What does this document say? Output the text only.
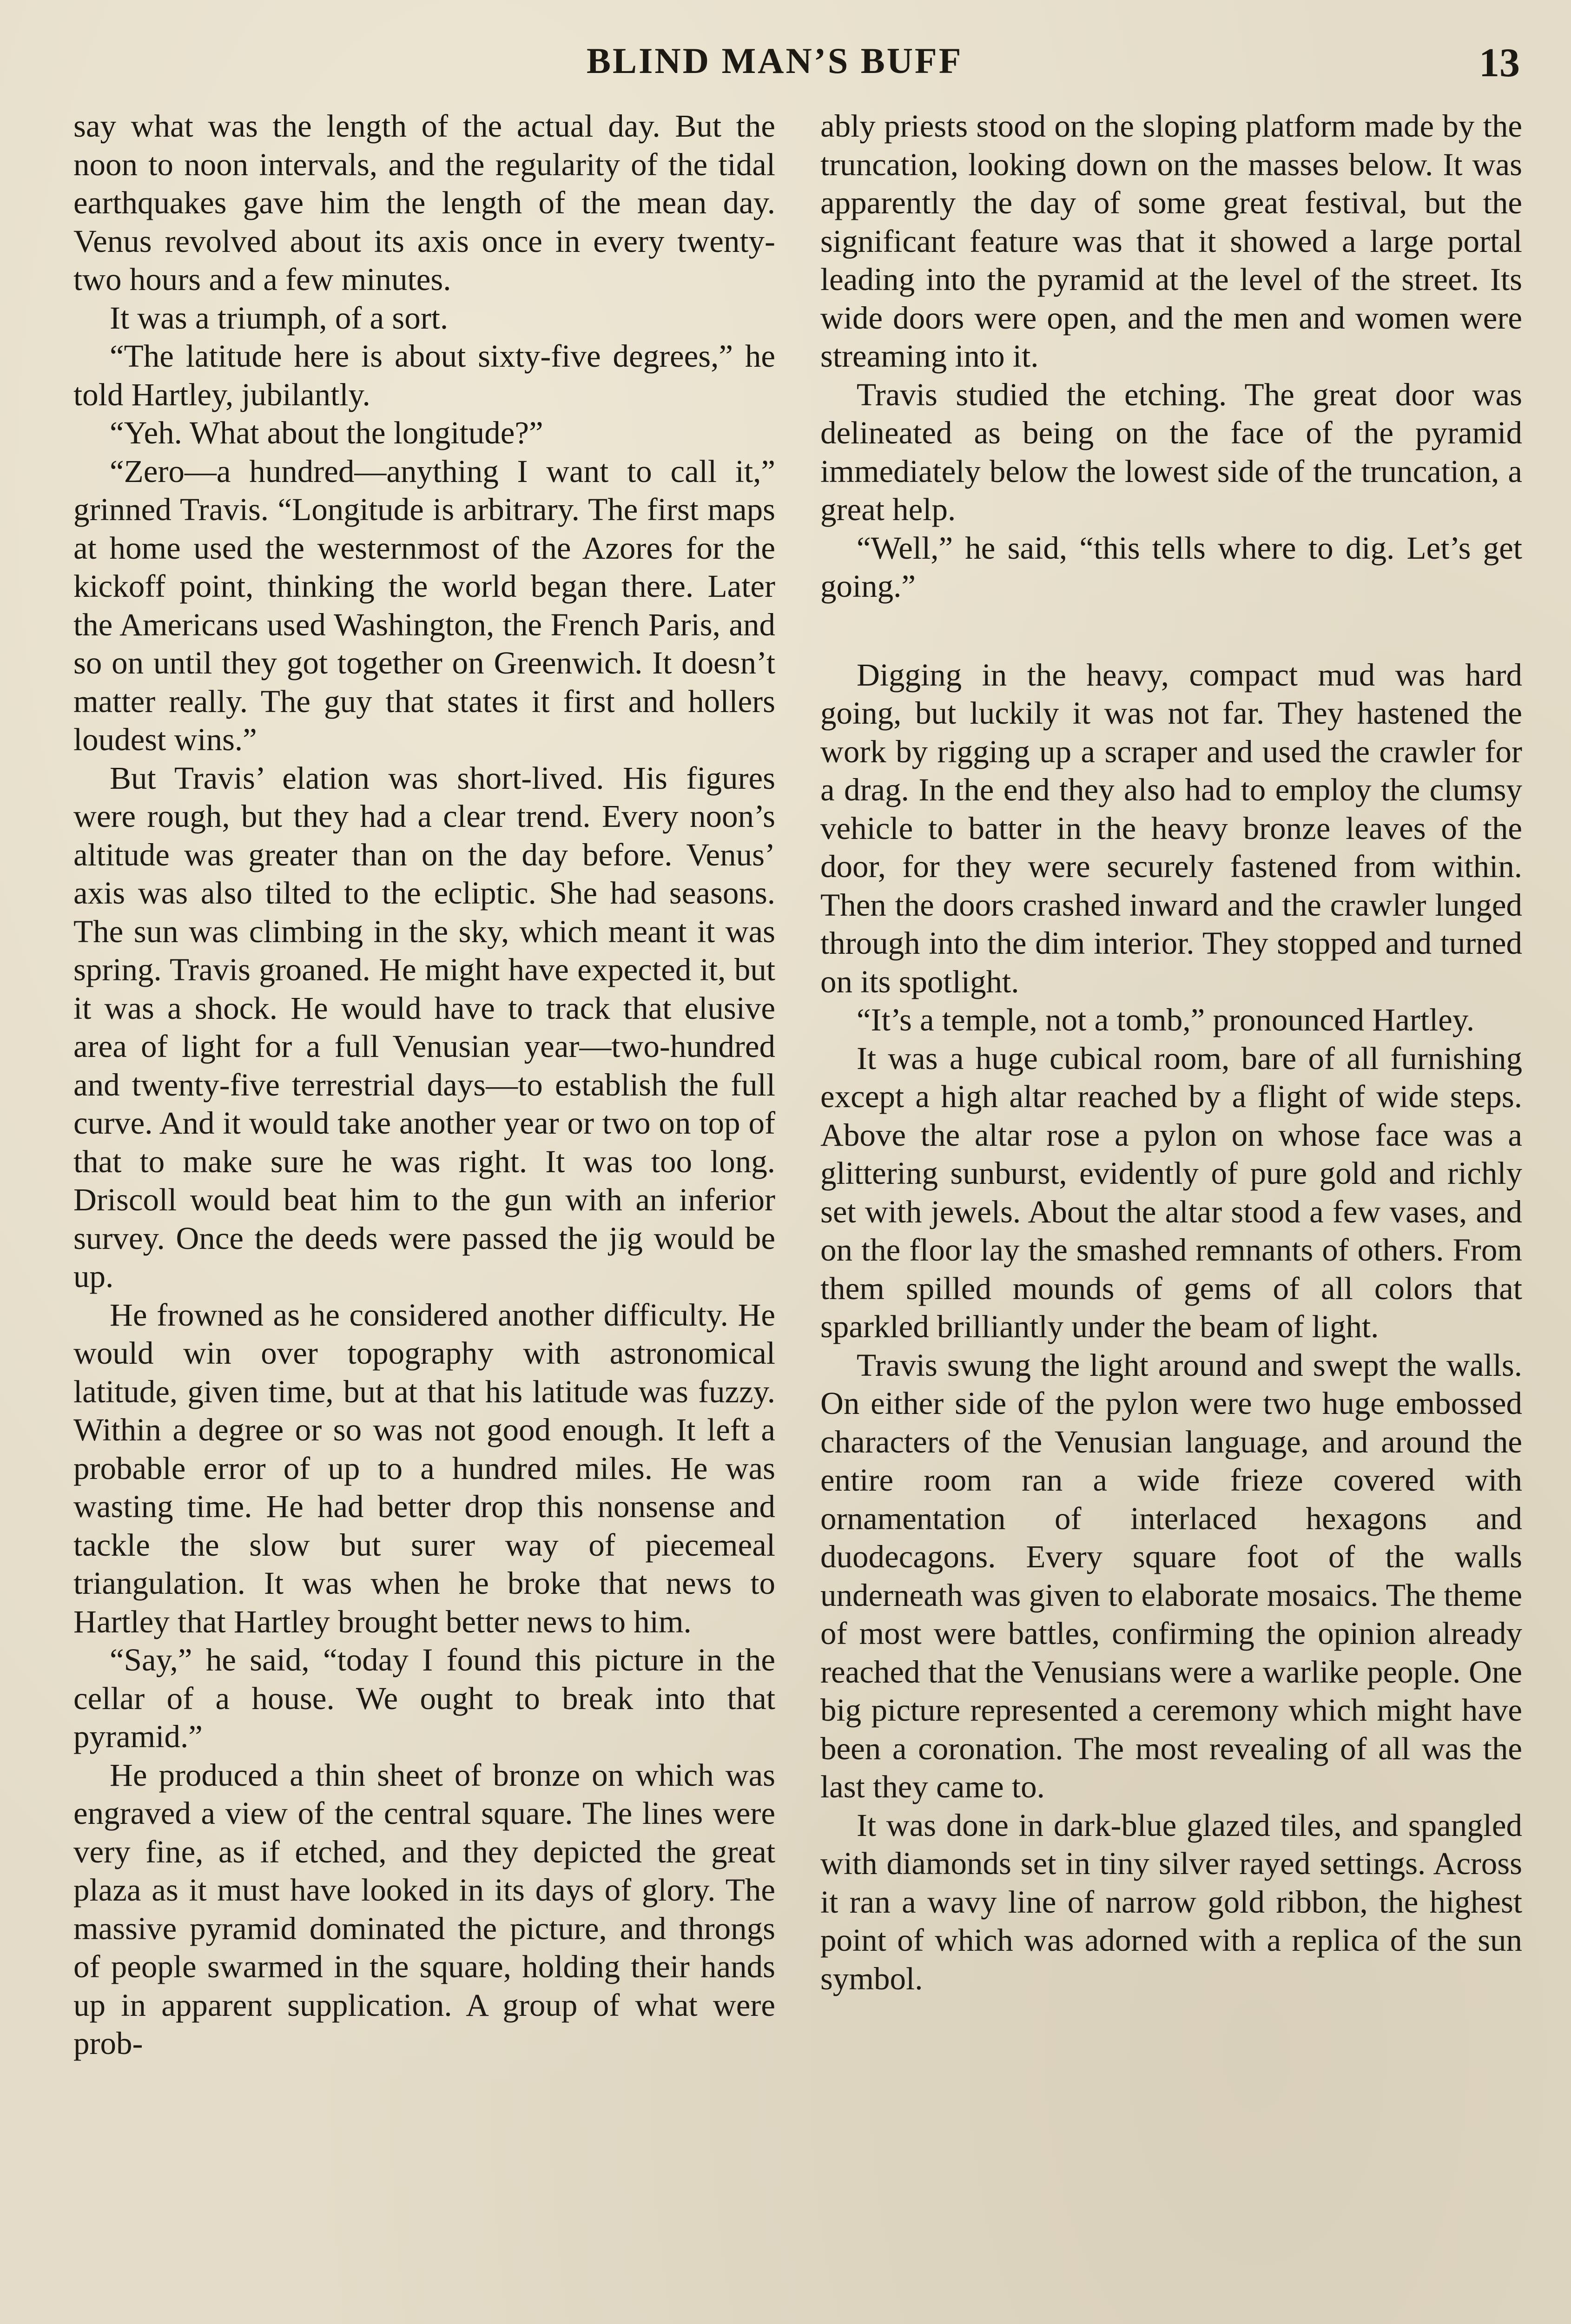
BLIND MAN’S BUFF	13

say what was the length of the actual day. But the noon to noon intervals, and the regularity of the tidal earthquakes gave him the length of the mean day. Venus revolved about its axis once in every twenty-two hours and a few minutes.

It was a triumph, of a sort.

“The latitude here is about sixty-five degrees,” he told Hartley, jubilantly.

“Yeh. What about the longitude?”

“Zero—a hundred—anything I want to call it,” grinned Travis. “Longitude is arbitrary. The first maps at home used the westernmost of the Azores for the kickoff point, thinking the world began there. Later the Americans used Washington, the French Paris, and so on until they got together on Greenwich. It doesn’t matter really. The guy that states it first and hollers loudest wins.”

But Travis’ elation was short-lived. His figures were rough, but they had a clear trend. Every noon’s altitude was greater than on the day before. Venus’ axis was also tilted to the ecliptic. She had seasons. The sun was climbing in the sky, which meant it was spring. Travis groaned. He might have expected it, but it was a shock. He would have to track that elusive area of light for a full Venusian year—two-hundred and twenty-five terrestrial days—to establish the full curve. And it would take another year or two on top of that to make sure he was right. It was too long. Driscoll would beat him to the gun with an inferior survey. Once the deeds were passed the jig would be up.

He frowned as he considered another difficulty. He would win over topography with astronomical latitude, given time, but at that his latitude was fuzzy. Within a degree or so was not good enough. It left a probable error of up to a hundred miles. He was wasting time. He had better drop this nonsense and tackle the slow but surer way of piecemeal triangulation. It was when he broke that news to Hartley that Hartley brought better news to him.

“Say,” he said, “today I found this picture in the cellar of a house. We ought to break into that pyramid.”

He produced a thin sheet of bronze on which was engraved a view of the central square. The lines were very fine, as if etched, and they depicted the great plaza as it must have looked in its days of glory. The massive pyramid dominated the picture, and throngs of people swarmed in the square, holding their hands up in apparent supplication. A group of what were prob-

ably priests stood on the sloping platform made by the truncation, looking down on the masses below. It was apparently the day of some great festival, but the significant feature was that it showed a large portal leading into the pyramid at the level of the street. Its wide doors were open, and the men and women were streaming into it.

Travis studied the etching. The great door was delineated as being on the face of the pyramid immediately below the lowest side of the truncation, a great help.

“Well,” he said, “this tells where to dig. Let’s get going.”

Digging in the heavy, compact mud was hard going, but luckily it was not far. They hastened the work by rigging up a scraper and used the crawler for a drag. In the end they also had to employ the clumsy vehicle to batter in the heavy bronze leaves of the door, for they were securely fastened from within. Then the doors crashed inward and the crawler lunged through into the dim interior. They stopped and turned on its spotlight.

“It’s a temple, not a tomb,” pronounced Hartley.

It was a huge cubical room, bare of all furnishing except a high altar reached by a flight of wide steps. Above the altar rose a pylon on whose face was a glittering sunburst, evidently of pure gold and richly set with jewels. About the altar stood a few vases, and on the floor lay the smashed remnants of others. From them spilled mounds of gems of all colors that sparkled brilliantly under the beam of light.

Travis swung the light around and swept the walls. On either side of the pylon were two huge embossed characters of the Venusian language, and around the entire room ran a wide frieze covered with ornamentation of interlaced hexagons and duodecagons. Every square foot of the walls underneath was given to elaborate mosaics. The theme of most were battles, confirming the opinion already reached that the Venusians were a warlike people. One big picture represented a ceremony which might have been a coronation. The most revealing of all was the last they came to.

It was done in dark-blue glazed tiles, and spangled with diamonds set in tiny silver rayed settings. Across it ran a wavy line of narrow gold ribbon, the highest point of which was adorned with a replica of the sun symbol.
